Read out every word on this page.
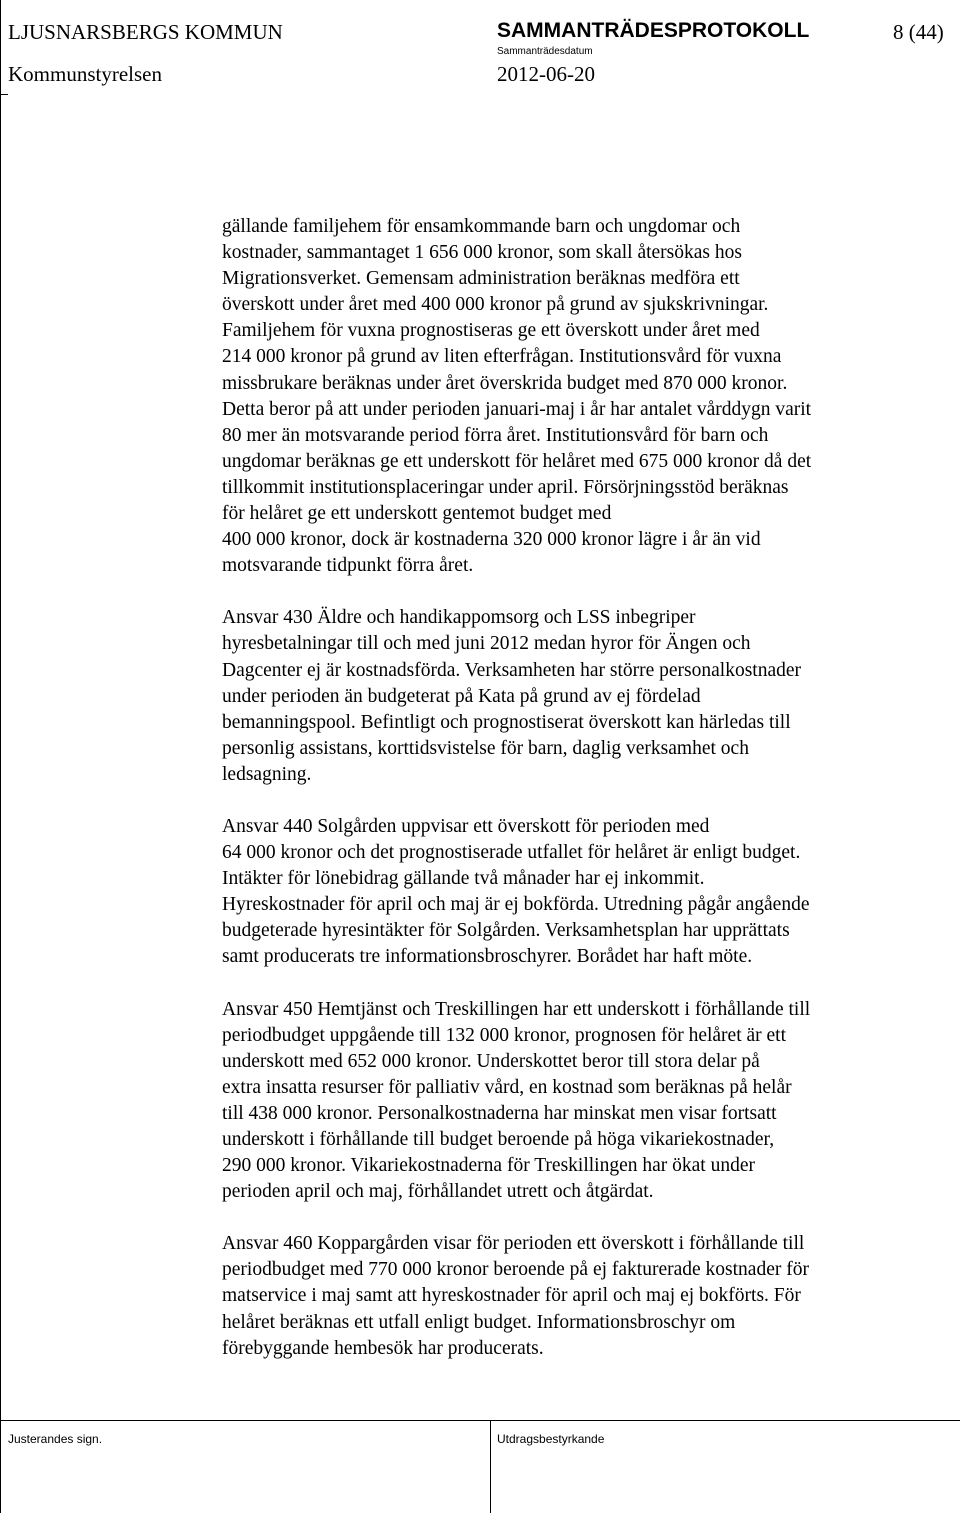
LJUSNARSBERGS KOMMUN	SAMMANTRÄDESPROTOKOLL	8 (44)
Sammanträdesdatum
Kommunstyrelsen	2012-06-20
gällande familjehem för ensamkommande barn och ungdomar och
kostnader, sammantaget 1 656 000 kronor, som skall återsökas hos
Migrationsverket. Gemensam administration beräknas medföra ett
överskott under året med 400 000 kronor på grund av sjukskrivningar.
Familjehem för vuxna prognostiseras ge ett överskott under året med
214 000 kronor på grund av liten efterfrågan. Institutionsvård för vuxna
missbrukare beräknas under året överskrida budget med 870 000 kronor.
Detta beror på att under perioden januari-maj i år har antalet vårddygn varit
80 mer än motsvarande period förra året. Institutionsvård för barn och
ungdomar beräknas ge ett underskott för helåret med 675 000 kronor då det
tillkommit institutionsplaceringar under april. Försörjningsstöd beräknas
för helåret ge ett underskott gentemot budget med
400 000 kronor, dock är kostnaderna 320 000 kronor lägre i år än vid
motsvarande tidpunkt förra året.
Ansvar 430 Äldre och handikappomsorg och LSS inbegriper
hyresbetalningar till och med juni 2012 medan hyror för Ängen och
Dagcenter ej är kostnadsförda. Verksamheten har större personalkostnader
under perioden än budgeterat på Kata på grund av ej fördelad
bemanningspool. Befintligt och prognostiserat överskott kan härledas till
personlig assistans, korttidsvistelse för barn, daglig verksamhet och
ledsagning.
Ansvar 440 Solgården uppvisar ett överskott för perioden med
64 000 kronor och det prognostiserade utfallet för helåret är enligt budget.
Intäkter för lönebidrag gällande två månader har ej inkommit.
Hyreskostnader för april och maj är ej bokförda. Utredning pågår angående
budgeterade hyresintäkter för Solgården. Verksamhetsplan har upprättats
samt producerats tre informationsbroschyrer. Borådet har haft möte.
Ansvar 450 Hemtjänst och Treskillingen har ett underskott i förhållande till
periodbudget uppgående till 132 000 kronor, prognosen för helåret är ett
underskott med 652 000 kronor. Underskottet beror till stora delar på
extra insatta resurser för palliativ vård, en kostnad som beräknas på helår
till 438 000 kronor. Personalkostnaderna har minskat men visar fortsatt
underskott i förhållande till budget beroende på höga vikariekostnader,
290 000 kronor. Vikariekostnaderna för Treskillingen har ökat under
perioden april och maj, förhållandet utrett och åtgärdat.
Ansvar 460 Koppargården visar för perioden ett överskott i förhållande till
periodbudget med 770 000 kronor beroende på ej fakturerade kostnader för
matservice i maj samt att hyreskostnader för april och maj ej bokförts. För
helåret beräknas ett utfall enligt budget. Informationsbroschyr om
förebyggande hembesök har producerats.
Justerandes sign.	Utdragsbestyrkande
